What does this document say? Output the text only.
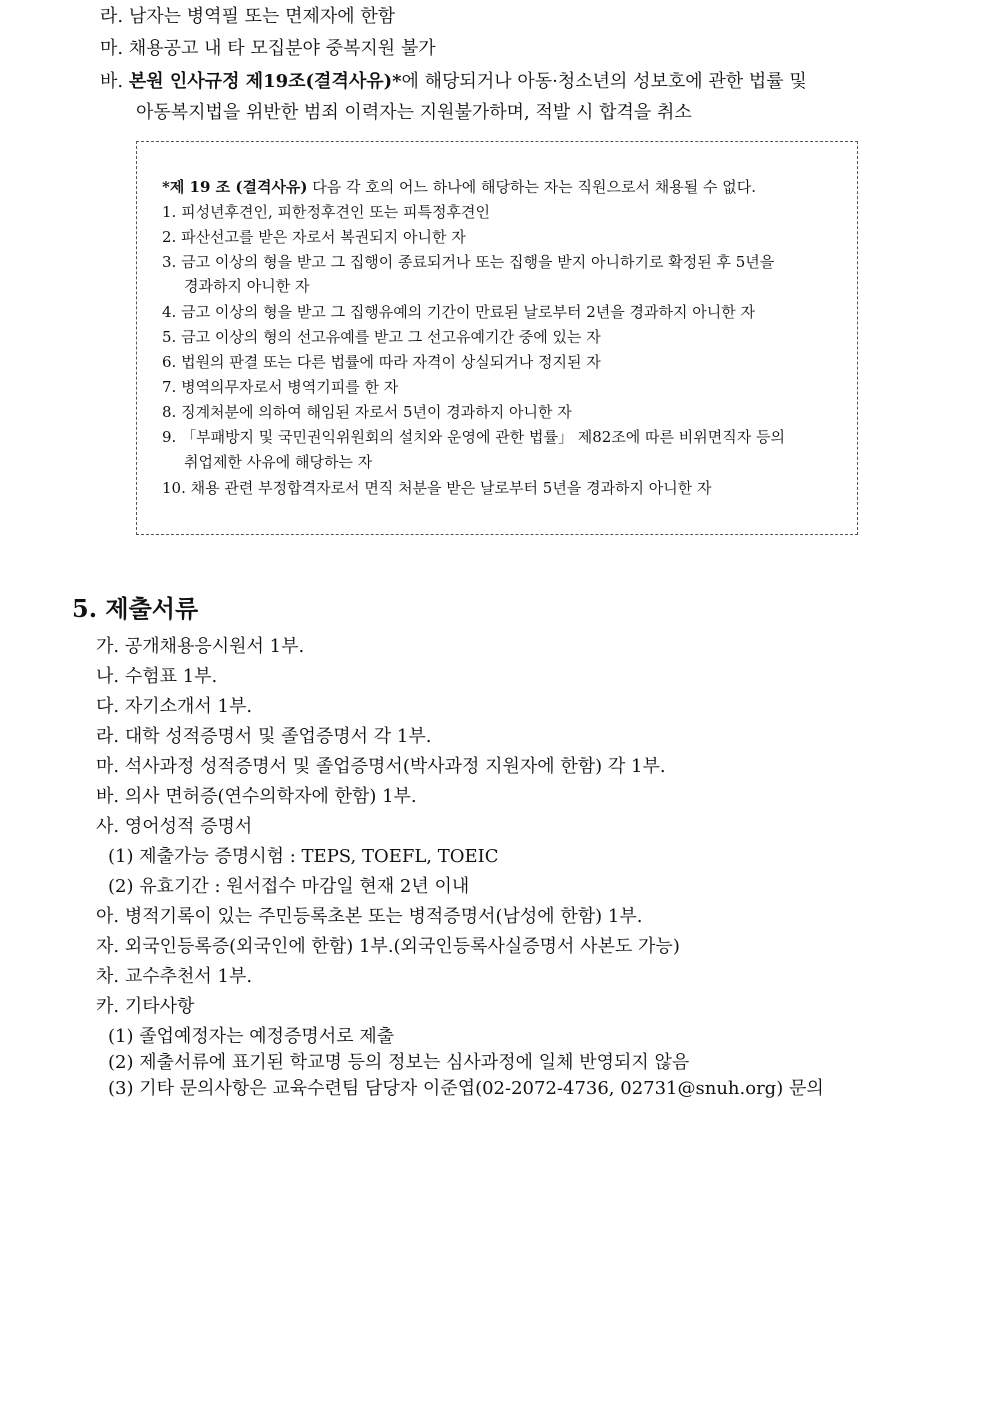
라. 남자는 병역필 또는 면제자에 한함
마. 채용공고 내 타 모집분야 중복지원 불가
바. 본원 인사규정 제19조(결격사유)*에 해당되거나 아동·청소년의 성보호에 관한 법률 및
아동복지법을 위반한 범죄 이력자는 지원불가하며, 적발 시 합격을 취소
*제 19 조 (결격사유) 다음 각 호의 어느 하나에 해당하는 자는 직원으로서 채용될 수 없다.
1. 피성년후견인, 피한정후견인 또는 피특정후견인
2. 파산선고를 받은 자로서 복권되지 아니한 자
3. 금고 이상의 형을 받고 그 집행이 종료되거나 또는 집행을 받지 아니하기로 확정된 후 5년을
경과하지 아니한 자
4. 금고 이상의 형을 받고 그 집행유예의 기간이 만료된 날로부터 2년을 경과하지 아니한 자
5. 금고 이상의 형의 선고유예를 받고 그 선고유예기간 중에 있는 자
6. 법원의 판결 또는 다른 법률에 따라 자격이 상실되거나 정지된 자
7. 병역의무자로서 병역기피를 한 자
8. 징계처분에 의하여 해임된 자로서 5년이 경과하지 아니한 자
9. 「부패방지 및 국민권익위원회의 설치와 운영에 관한 법률」 제82조에 따른 비위면직자 등의
취업제한 사유에 해당하는 자
10. 채용 관련 부정합격자로서 면직 처분을 받은 날로부터 5년을 경과하지 아니한 자
5. 제출서류
가. 공개채용응시원서 1부.
나. 수험표 1부.
다. 자기소개서 1부.
라. 대학 성적증명서 및 졸업증명서 각 1부.
마. 석사과정 성적증명서 및 졸업증명서(박사과정 지원자에 한함) 각 1부.
바. 의사 면허증(연수의학자에 한함) 1부.
사. 영어성적 증명서
(1) 제출가능 증명시험 : TEPS, TOEFL, TOEIC
(2) 유효기간 : 원서접수 마감일 현재 2년 이내
아. 병적기록이 있는 주민등록초본 또는 병적증명서(남성에 한함) 1부.
자. 외국인등록증(외국인에 한함) 1부.(외국인등록사실증명서 사본도 가능)
차. 교수추천서 1부.
카. 기타사항
(1) 졸업예정자는 예정증명서로 제출
(2) 제출서류에 표기된 학교명 등의 정보는 심사과정에 일체 반영되지 않음
(3) 기타 문의사항은 교육수련팀 담당자 이준엽(02-2072-4736, 02731@snuh.org) 문의
